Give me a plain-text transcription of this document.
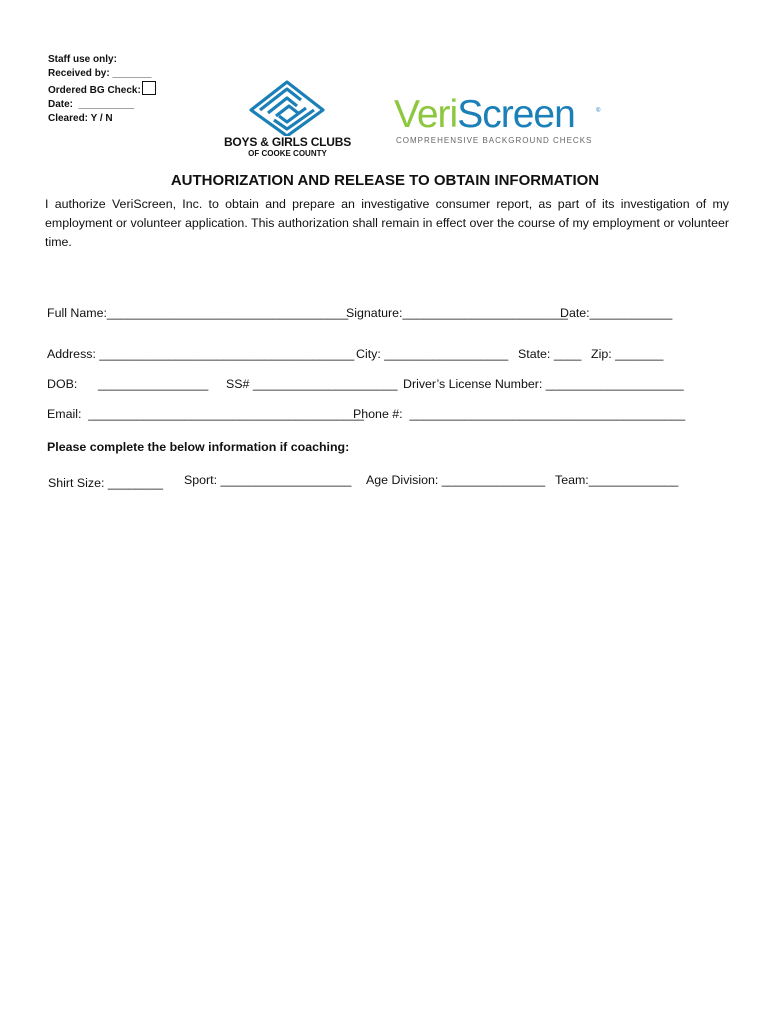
Staff use only:
Received by: _______
Ordered BG Check:
Date:  __________
Cleared: Y / N
BOYS & GIRLS CLUBS
OF COOKE COUNTY
VeriScreen
COMPREHENSIVE BACKGROUND CHECKS
®
AUTHORIZATION AND RELEASE TO OBTAIN INFORMATION
I authorize VeriScreen, Inc. to obtain and prepare an investigative consumer report, as part of its investigation of my employment or volunteer application. This authorization shall remain in effect over the course of my employment or volunteer time.
Full Name:___________________________________
Signature:________________________
Date:____________
Address: _____________________________________ City: __________________ State: ____ Zip: _______
DOB: ________________ SS# _____________________ Driver’s License Number: ____________________
Email:  ________________________________________
Phone #:  ________________________________________
Please complete the below information if coaching:
Shirt Size: ________ Sport: ___________________ Age Division: _______________ Team:_____________
